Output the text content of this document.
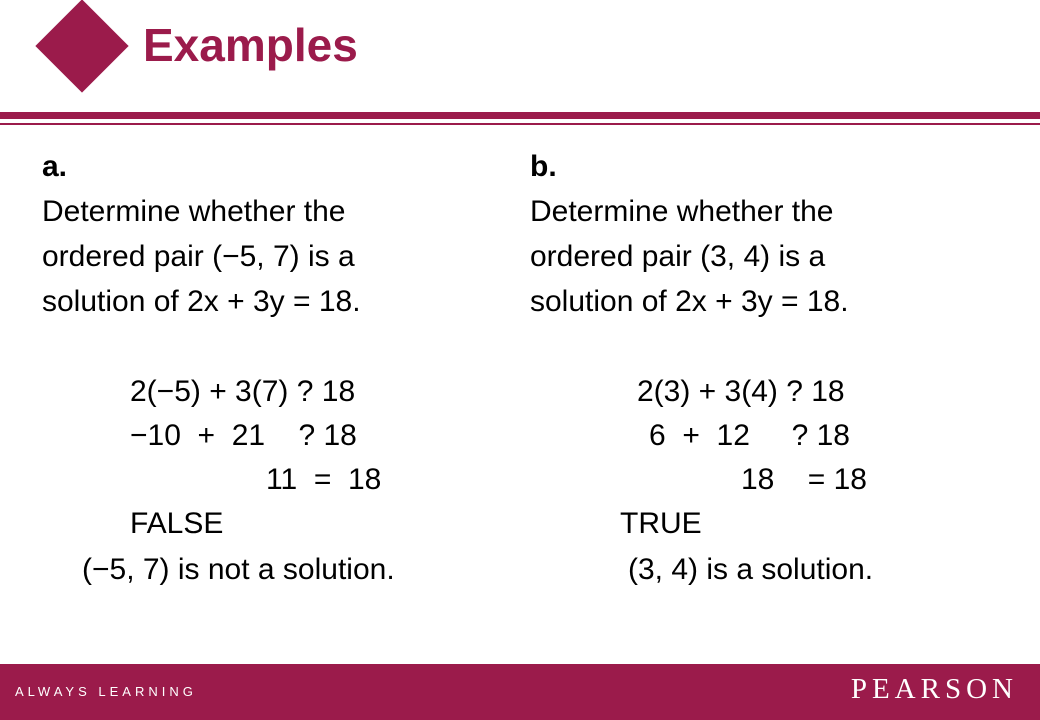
Examples
a.
Determine whether the
ordered pair (−5, 7) is a
solution of 2x + 3y = 18.
2(−5) + 3(7) ? 18
−10  +  21    ? 18
11  =  18
FALSE
(−5, 7) is not a solution.
b.
Determine whether the
ordered pair (3, 4) is a
solution of 2x + 3y = 18.
2(3) + 3(4) ? 18
6  +  12     ? 18
18    = 18
TRUE
(3, 4) is a solution.
ALWAYS LEARNING	PEARSON
